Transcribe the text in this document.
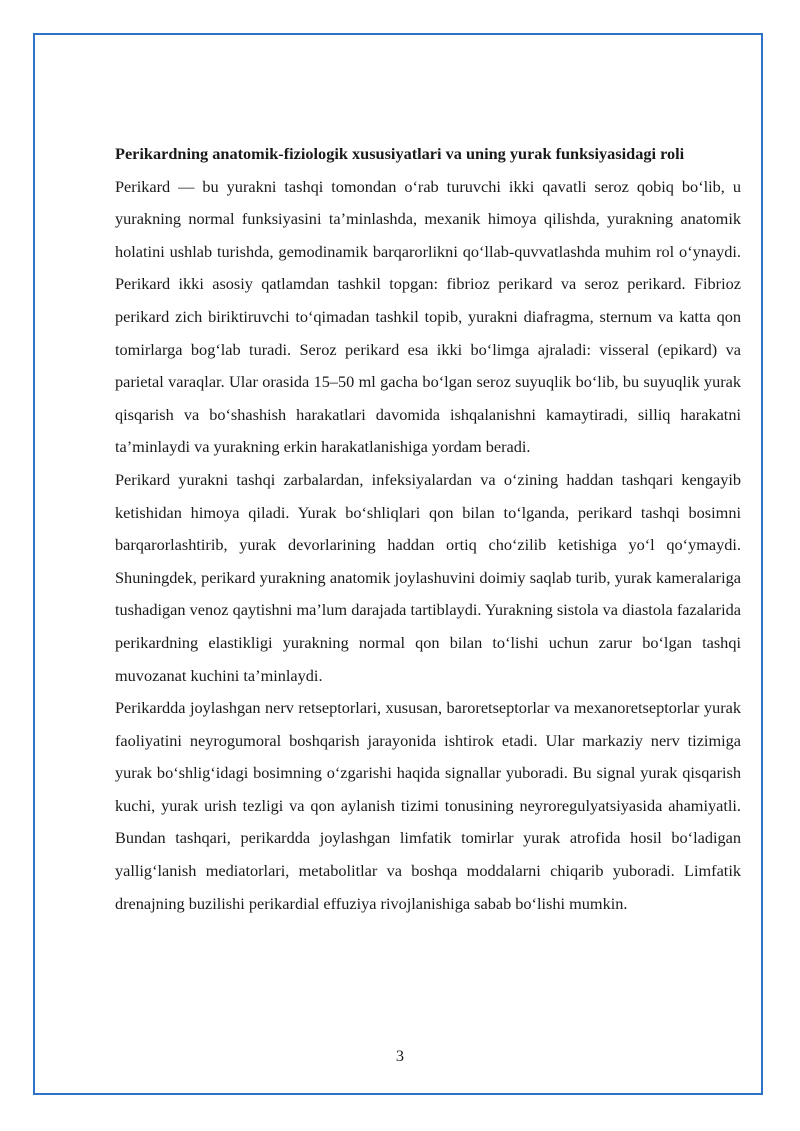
Perikardning anatomik-fiziologik xususiyatlari va uning yurak funksiyasidagi roli

Perikard — bu yurakni tashqi tomondan o‘rab turuvchi ikki qavatli seroz qobiq bo‘lib, u yurakning normal funksiyasini ta’minlashda, mexanik himoya qilishda, yurakning anatomik holatini ushlab turishda, gemodinamik barqarorlikni qo‘llab-quvvatlashda muhim rol o‘ynaydi. Perikard ikki asosiy qatlamdan tashkil topgan: fibrioz perikard va seroz perikard. Fibrioz perikard zich biriktiruvchi to‘qimadan tashkil topib, yurakni diafragma, sternum va katta qon tomirlarga bog‘lab turadi. Seroz perikard esa ikki bo‘limga ajraladi: visseral (epikard) va parietal varaqlar. Ular orasida 15–50 ml gacha bo‘lgan seroz suyuqlik bo‘lib, bu suyuqlik yurak qisqarish va bo‘shashish harakatlari davomida ishqalanishni kamaytiradi, silliq harakatni ta’minlaydi va yurakning erkin harakatlanishiga yordam beradi.

Perikard yurakni tashqi zarbalardan, infeksiyalardan va o‘zining haddan tashqari kengayib ketishidan himoya qiladi. Yurak bo‘shliqlari qon bilan to‘lganda, perikard tashqi bosimni barqarorlashtirib, yurak devorlarining haddan ortiq cho‘zilib ketishiga yo‘l qo‘ymaydi. Shuningdek, perikard yurakning anatomik joylashuvini doimiy saqlab turib, yurak kameralariga tushadigan venoz qaytishni ma’lum darajada tartiblaydi. Yurakning sistola va diastola fazalarida perikardning elastikligi yurakning normal qon bilan to‘lishi uchun zarur bo‘lgan tashqi muvozanat kuchini ta’minlaydi.

Perikardda joylashgan nerv retseptorlari, xususan, baroretseptorlar va mexanoretseptorlar yurak faoliyatini neyrogumoral boshqarish jarayonida ishtirok etadi. Ular markaziy nerv tizimiga yurak bo‘shlig‘idagi bosimning o‘zgarishi haqida signallar yuboradi. Bu signal yurak qisqarish kuchi, yurak urish tezligi va qon aylanish tizimi tonusining neyroregulyatsiyasida ahamiyatli. Bundan tashqari, perikardda joylashgan limfatik tomirlar yurak atrofida hosil bo‘ladigan yallig‘lanish mediatorlari, metabolitlar va boshqa moddalarni chiqarib yuboradi. Limfatik drenajning buzilishi perikardial effuziya rivojlanishiga sabab bo‘lishi mumkin.

3
